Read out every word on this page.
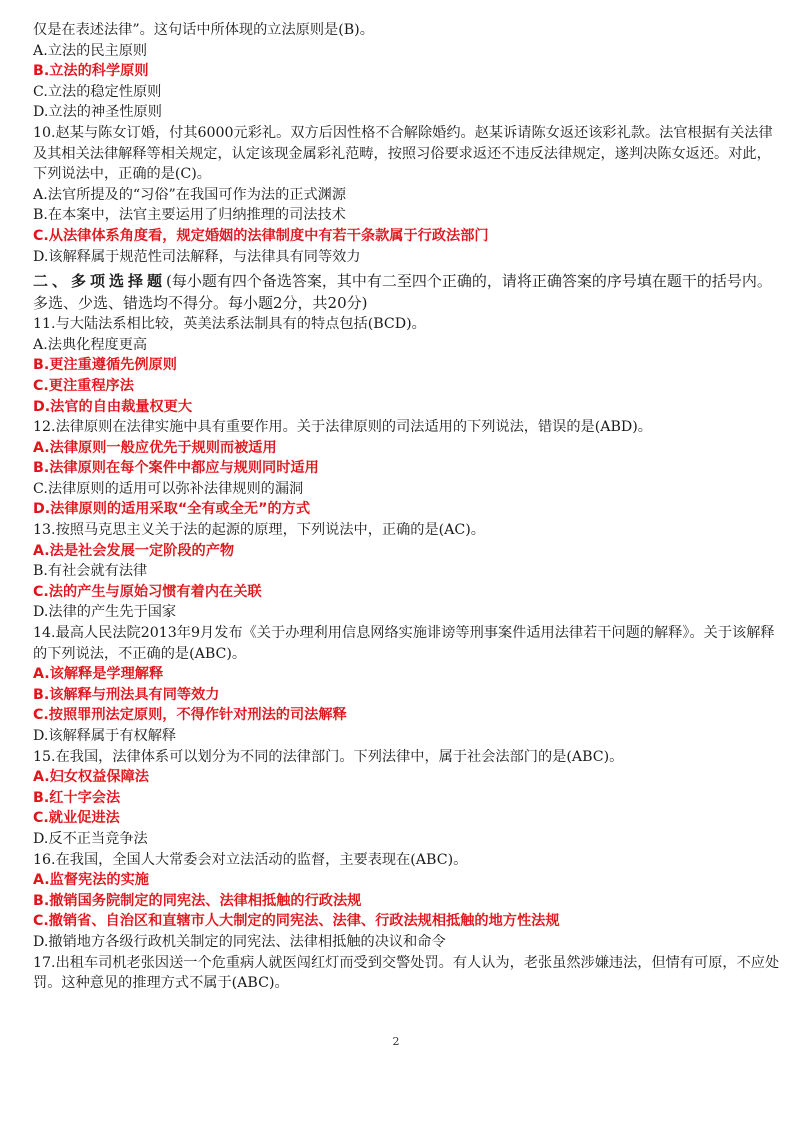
仅是在表述法律”。这句话中所体现的立法原则是(B)。
A.立法的民主原则
B.立法的科学原则
C.立法的稳定性原则
D.立法的神圣性原则
10.赵某与陈女订婚，付其6000元彩礼。双方后因性格不合解除婚约。赵某诉请陈女返还该彩礼款。法官根据有关法律及其相关法律解释等相关规定，认定该现金属彩礼范畴，按照习俗要求返还不违反法律规定，遂判决陈女返还。对此，下列说法中，正确的是(C)。
A.法官所提及的“习俗”在我国可作为法的正式渊源
B.在本案中，法官主要运用了归纳推理的司法技术
C.从法律体系角度看，规定婚姻的法律制度中有若干条款属于行政法部门
D.该解释属于规范性司法解释，与法律具有同等效力
二、多项选择题(每小题有四个备选答案，其中有二至四个正确的，请将正确答案的序号填在题干的括号内。多选、少选、错选均不得分。每小题2分，共20分)
11.与大陆法系相比较，英美法系法制具有的特点包括(BCD)。
A.法典化程度更高
B.更注重遵循先例原则
C.更注重程序法
D.法官的自由裁量权更大
12.法律原则在法律实施中具有重要作用。关于法律原则的司法适用的下列说法，错误的是(ABD)。
A.法律原则一般应优先于规则而被适用
B.法律原则在每个案件中都应与规则同时适用
C.法律原则的适用可以弥补法律规则的漏洞
D.法律原则的适用采取“全有或全无”的方式
13.按照马克思主义关于法的起源的原理，下列说法中，正确的是(AC)。
A.法是社会发展一定阶段的产物
B.有社会就有法律
C.法的产生与原始习惯有着内在关联
D.法律的产生先于国家
14.最高人民法院2013年9月发布《关于办理利用信息网络实施诽谤等刑事案件适用法律若干问题的解释》。关于该解释的下列说法，不正确的是(ABC)。
A.该解释是学理解释
B.该解释与刑法具有同等效力
C.按照罪刑法定原则，不得作针对刑法的司法解释
D.该解释属于有权解释
15.在我国，法律体系可以划分为不同的法律部门。下列法律中，属于社会法部门的是(ABC)。
A.妇女权益保障法
B.红十字会法
C.就业促进法
D.反不正当竞争法
16.在我国，全国人大常委会对立法活动的监督，主要表现在(ABC)。
A.监督宪法的实施
B.撤销国务院制定的同宪法、法律相抵触的行政法规
C.撤销省、自治区和直辖市人大制定的同宪法、法律、行政法规相抵触的地方性法规
D.撤销地方各级行政机关制定的同宪法、法律相抵触的决议和命令
17.出租车司机老张因送一个危重病人就医闯红灯而受到交警处罚。有人认为，老张虽然涉嫌违法，但情有可原，不应处罚。这种意见的推理方式不属于(ABC)。
2
